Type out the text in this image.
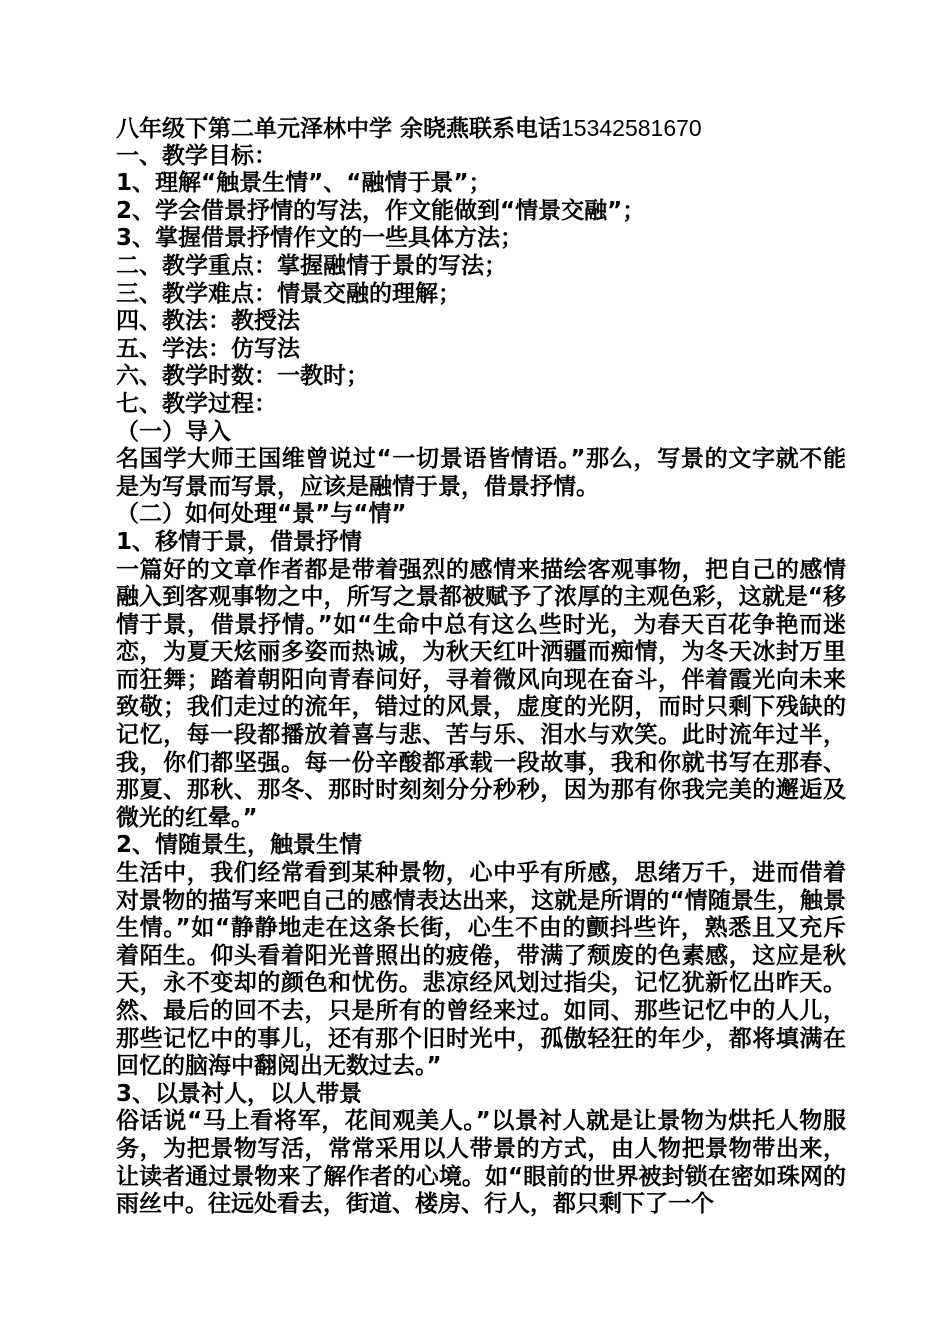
八年级下第二单元泽林中学 余晓燕联系电话15342581670
一、教学目标：
1、理解“触景生情”、“融情于景”；
2、学会借景抒情的写法，作文能做到“情景交融”；
3、掌握借景抒情作文的一些具体方法；
二、教学重点：掌握融情于景的写法；
三、教学难点：情景交融的理解；
四、教法：教授法
五、学法：仿写法
六、教学时数：一教时；
七、教学过程：
（一）导入

名国学大师王国维曾说过“一切景语皆情语。”那么，写景的文字就不能是为写景而写景，应该是融情于景，借景抒情。

（二）如何处理“景”与“情”
1、移情于景，借景抒情

一篇好的文章作者都是带着强烈的感情来描绘客观事物，把自己的感情融入到客观事物之中，所写之景都被赋予了浓厚的主观色彩，这就是“移情于景，借景抒情。”如“生命中总有这么些时光，为春天百花争艳而迷恋，为夏天炫丽多姿而热诚，为秋天红叶洒疆而痴情，为冬天冰封万里而狂舞；踏着朝阳向青春问好，寻着微风向现在奋斗，伴着霞光向未来致敬；我们走过的流年，错过的风景，虚度的光阴，而时只剩下残缺的记忆，每一段都播放着喜与悲、苦与乐、泪水与欢笑。此时流年过半，我，你们都坚强。每一份辛酸都承载一段故事，我和你就书写在那春、那夏、那秋、那冬、那时时刻刻分分秒秒，因为那有你我完美的邂逅及微光的红晕。”

2、情随景生，触景生情

生活中，我们经常看到某种景物，心中乎有所感，思绪万千，进而借着对景物的描写来吧自己的感情表达出来，这就是所谓的“情随景生，触景生情。”如“静静地走在这条长街，心生不由的颤抖些许，熟悉且又充斥着陌生。仰头看着阳光普照出的疲倦，带满了颓废的色素感，这应是秋天，永不变却的颜色和忧伤。悲凉经风划过指尖，记忆犹新忆出昨天。然、最后的回不去，只是所有的曾经来过。如同、那些记忆中的人儿，那些记忆中的事儿，还有那个旧时光中，孤傲轻狂的年少，都将填满在回忆的脑海中翻阅出无数过去。”

3、以景衬人，以人带景

俗话说“马上看将军，花间观美人。”以景衬人就是让景物为烘托人物服务，为把景物写活，常常采用以人带景的方式，由人物把景物带出来，让读者通过景物来了解作者的心境。如“眼前的世界被封锁在密如珠网的雨丝中。往远处看去，街道、楼房、行人，都只剩下了一个
